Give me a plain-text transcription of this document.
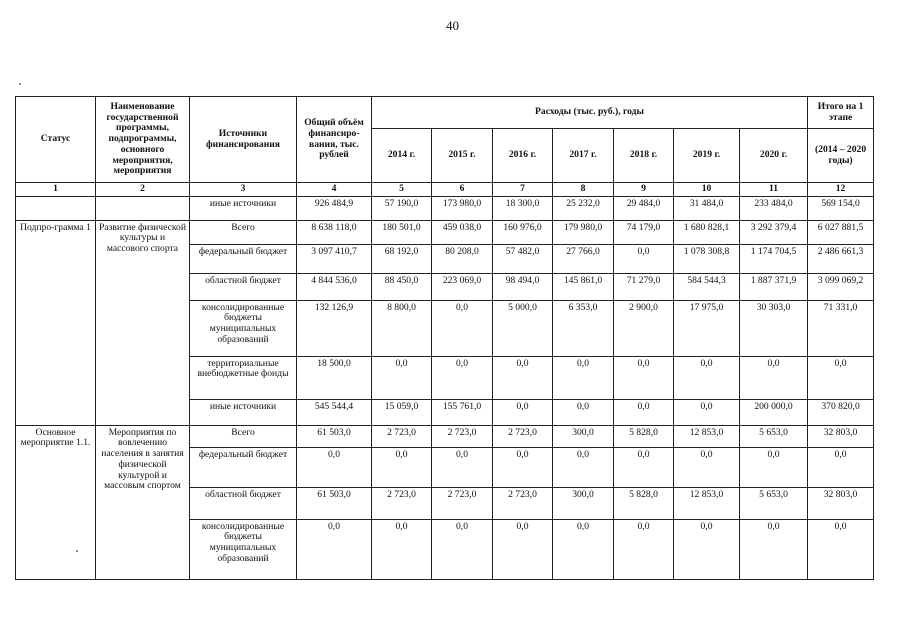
40
Статус	Наименование государственной программы, подпрограммы, основного мероприятия, мероприятия	Источники финансирования	Общий объём финансиро-вания, тыс. рублей	Расходы (тыс. руб.), годы							Итого на 1 этапе
				2014 г.	2015 г.	2016 г.	2017 г.	2018 г.	2019 г.	2020 г.	(2014 – 2020 годы)
1	2	3	4	5	6	7	8	9	10	11	12
		иные источники	926 484,9	57 190,0	173 980,0	18 300,0	25 232,0	29 484,0	31 484,0	233 484,0	569 154,0
Подпро-грамма 1	Развитие физической культуры и массового спорта	Всего	8 638 118,0	180 501,0	459 038,0	160 976,0	179 980,0	74 179,0	1 680 828,1	3 292 379,4	6 027 881,5
		федеральный бюджет	3 097 410,7	68 192,0	80 208,0	57 482,0	27 766,0	0,0	1 078 308,8	1 174 704,5	2 486 661,3
		областной бюджет	4 844 536,0	88 450,0	223 069,0	98 494,0	145 861,0	71 279,0	584 544,3	1 887 371,9	3 099 069,2
		консолидированные бюджеты муниципальных образований	132 126,9	8 800,0	0,0	5 000,0	6 353,0	2 900,0	17 975,0	30 303,0	71 331,0
		территориальные внебюджетные фонды	18 500,0	0,0	0,0	0,0	0,0	0,0	0,0	0,0	0,0
		иные источники	545 544,4	15 059,0	155 761,0	0,0	0,0	0,0	0,0	200 000,0	370 820,0
Основное мероприятие 1.1.	Мероприятия по вовлечению населения в занятия физической культурой и массовым спортом	Всего	61 503,0	2 723,0	2 723,0	2 723,0	300,0	5 828,0	12 853,0	5 653,0	32 803,0
		федеральный бюджет	0,0	0,0	0,0	0,0	0,0	0,0	0,0	0,0	0,0
		областной бюджет	61 503,0	2 723,0	2 723,0	2 723,0	300,0	5 828,0	12 853,0	5 653,0	32 803,0
		консолидированные бюджеты муниципальных образований	0,0	0,0	0,0	0,0	0,0	0,0	0,0	0,0	0,0
